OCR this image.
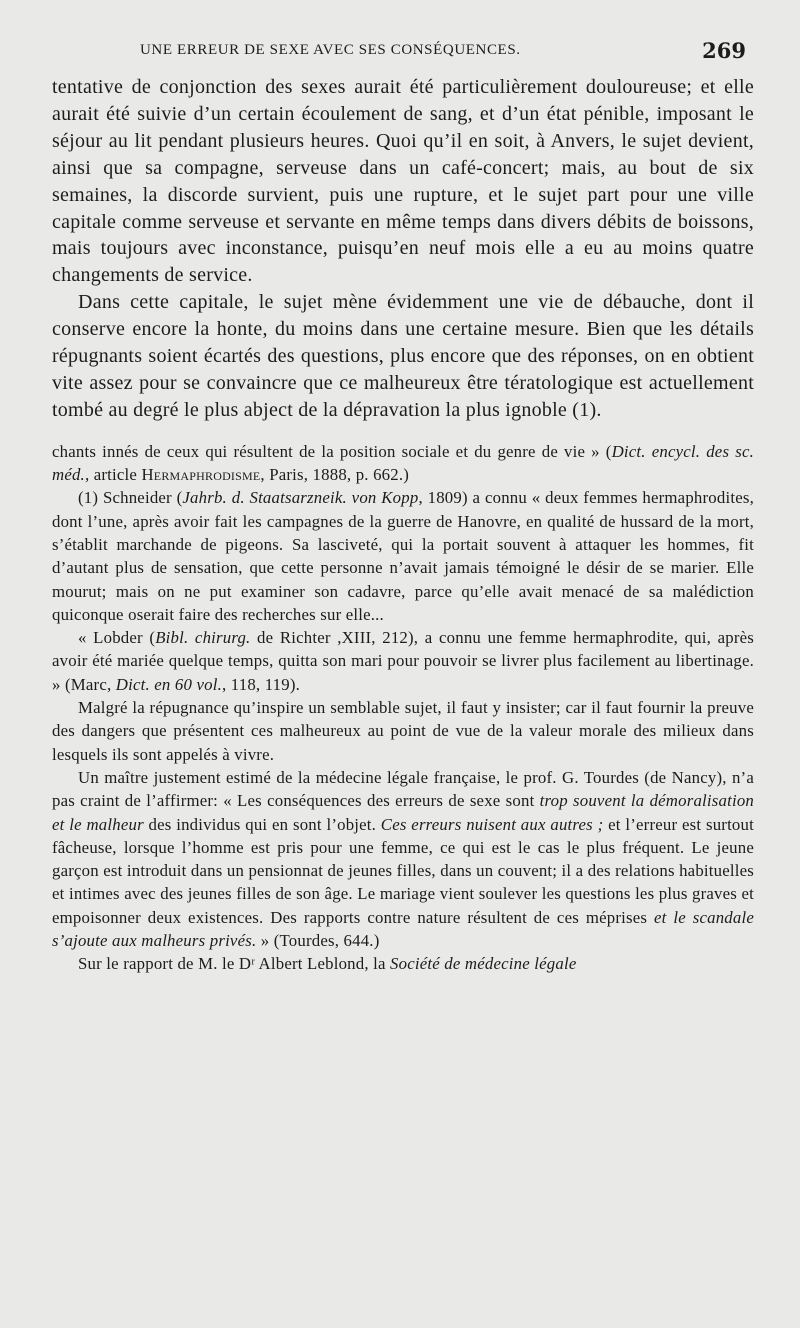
UNE ERREUR DE SEXE AVEC SES CONSÉQUENCES.	269

tentative de conjonction des sexes aurait été particulièrement douloureuse; et elle aurait été suivie d’un certain écoulement de sang, et d’un état pénible, imposant le séjour au lit pendant plusieurs heures. Quoi qu’il en soit, à Anvers, le sujet devient, ainsi que sa compagne, serveuse dans un café-concert; mais, au bout de six semaines, la discorde survient, puis une rupture, et le sujet part pour une ville capitale comme serveuse et servante en même temps dans divers débits de boissons, mais toujours avec inconstance, puisqu’en neuf mois elle a eu au moins quatre changements de service.

Dans cette capitale, le sujet mène évidemment une vie de débauche, dont il conserve encore la honte, du moins dans une certaine mesure. Bien que les détails répugnants soient écartés des questions, plus encore que des réponses, on en obtient vite assez pour se convaincre que ce malheureux être tératologique est actuellement tombé au degré le plus abject de la dépravation la plus ignoble (1).

chants innés de ceux qui résultent de la position sociale et du genre de vie » (Dict. encycl. des sc. méd., article Hermaphrodisme, Paris, 1888, p. 662.)

(1) Schneider (Jahrb. d. Staatsarzneik. von Kopp, 1809) a connu « deux femmes hermaphrodites, dont l’une, après avoir fait les campagnes de la guerre de Hanovre, en qualité de hussard de la mort, s’établit marchande de pigeons. Sa lasciveté, qui la portait souvent à attaquer les hommes, fit d’autant plus de sensation, que cette personne n’avait jamais témoigné le désir de se marier. Elle mourut; mais on ne put examiner son cadavre, parce qu’elle avait menacé de sa malédiction quiconque oserait faire des recherches sur elle...

« Lobder (Bibl. chirurg. de Richter ,XIII, 212), a connu une femme hermaphrodite, qui, après avoir été mariée quelque temps, quitta son mari pour pouvoir se livrer plus facilement au libertinage. » (Marc, Dict. en 60 vol., 118, 119).

Malgré la répugnance qu’inspire un semblable sujet, il faut y insister; car il faut fournir la preuve des dangers que présentent ces malheureux au point de vue de la valeur morale des milieux dans lesquels ils sont appelés à vivre.

Un maître justement estimé de la médecine légale française, le prof. G. Tourdes (de Nancy), n’a pas craint de l’affirmer: « Les conséquences des erreurs de sexe sont trop souvent la démoralisation et le malheur des individus qui en sont l’objet. Ces erreurs nuisent aux autres ; et l’erreur est surtout fâcheuse, lorsque l’homme est pris pour une femme, ce qui est le cas le plus fréquent. Le jeune garçon est introduit dans un pensionnat de jeunes filles, dans un couvent; il a des relations habituelles et intimes avec des jeunes filles de son âge. Le mariage vient soulever les questions les plus graves et empoisonner deux existences. Des rapports contre nature résultent de ces méprises et le scandale s’ajoute aux malheurs privés. » (Tourdes, 644.)

Sur le rapport de M. le Dʳ Albert Leblond, la Société de médecine légale
